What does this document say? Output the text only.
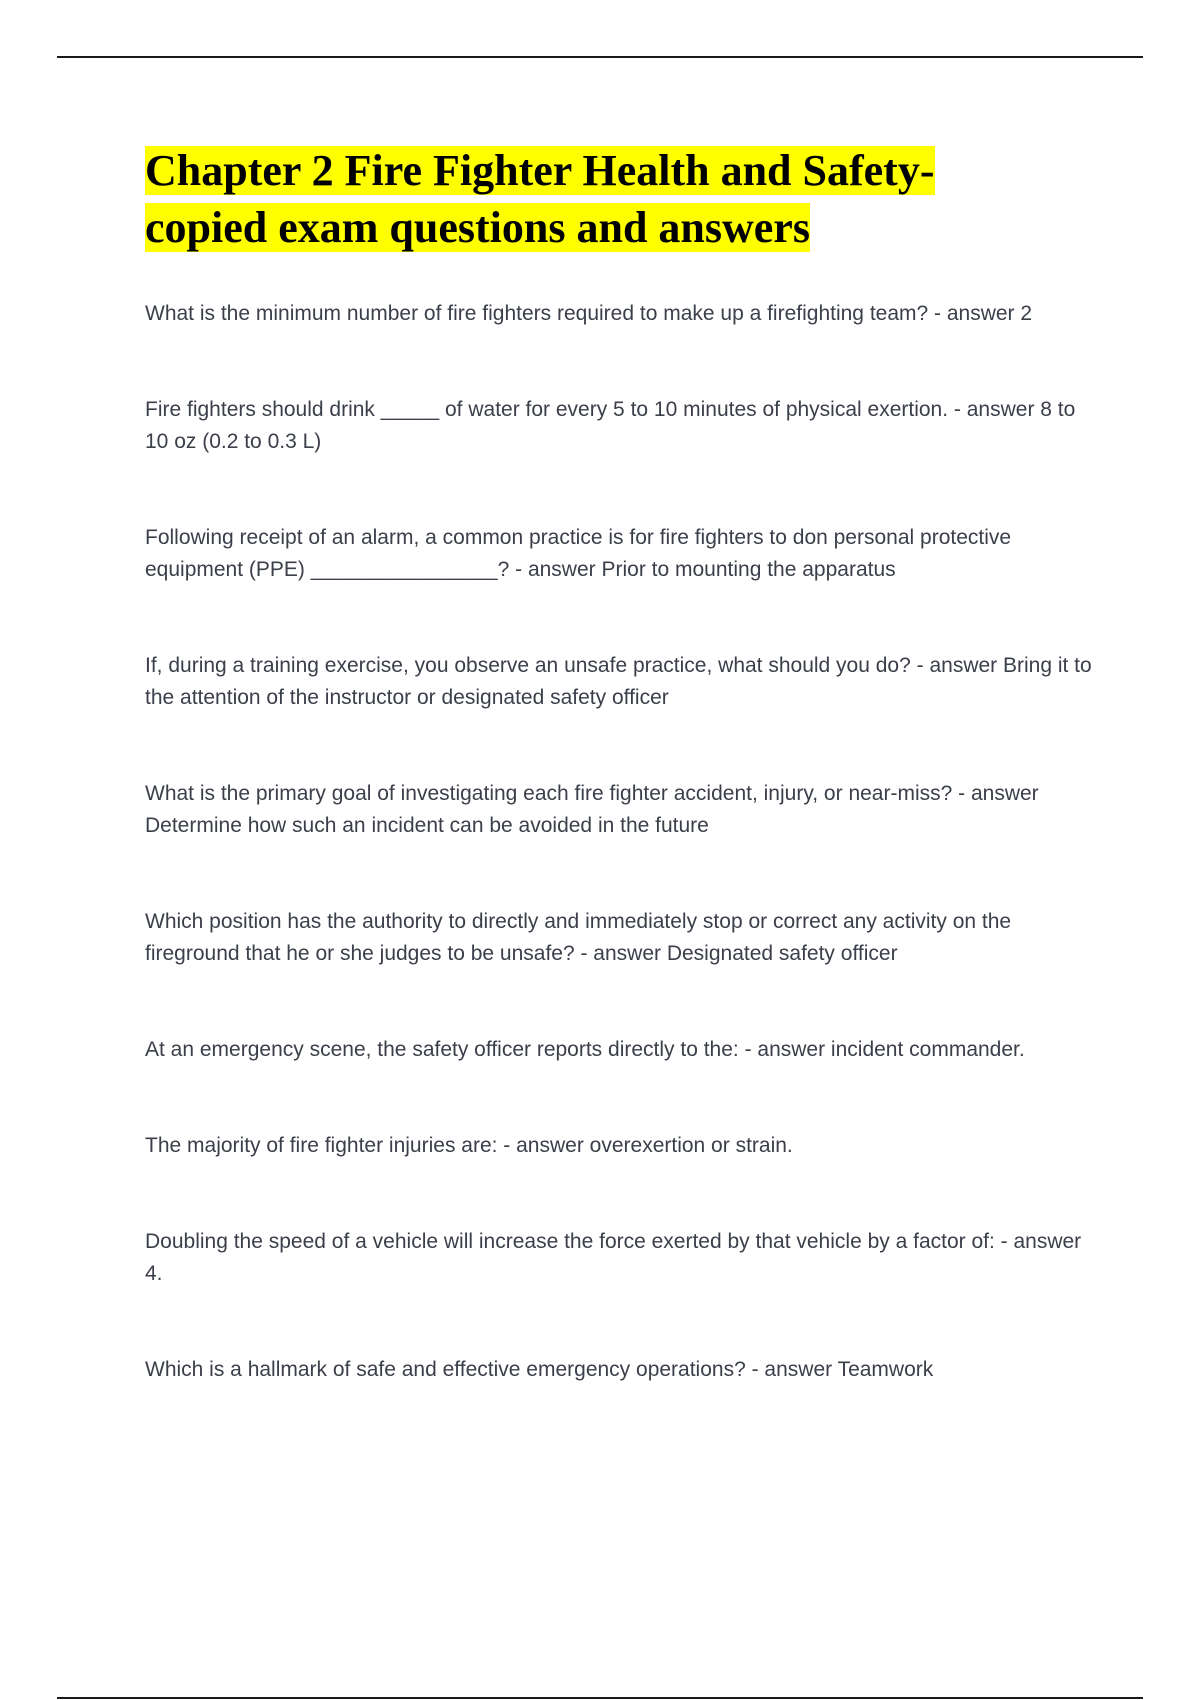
Chapter 2 Fire Fighter Health and Safety-
copied exam questions and answers

What is the minimum number of fire fighters required to make up a firefighting team? - answer 2

Fire fighters should drink _____ of water for every 5 to 10 minutes of physical exertion. - answer 8 to 10 oz (0.2 to 0.3 L)

Following receipt of an alarm, a common practice is for fire fighters to don personal protective equipment (PPE) ________________? - answer Prior to mounting the apparatus

If, during a training exercise, you observe an unsafe practice, what should you do? - answer Bring it to the attention of the instructor or designated safety officer

What is the primary goal of investigating each fire fighter accident, injury, or near-miss? - answer Determine how such an incident can be avoided in the future

Which position has the authority to directly and immediately stop or correct any activity on the fireground that he or she judges to be unsafe? - answer Designated safety officer

At an emergency scene, the safety officer reports directly to the: - answer incident commander.

The majority of fire fighter injuries are: - answer overexertion or strain.

Doubling the speed of a vehicle will increase the force exerted by that vehicle by a factor of: - answer 4.

Which is a hallmark of safe and effective emergency operations? - answer Teamwork
